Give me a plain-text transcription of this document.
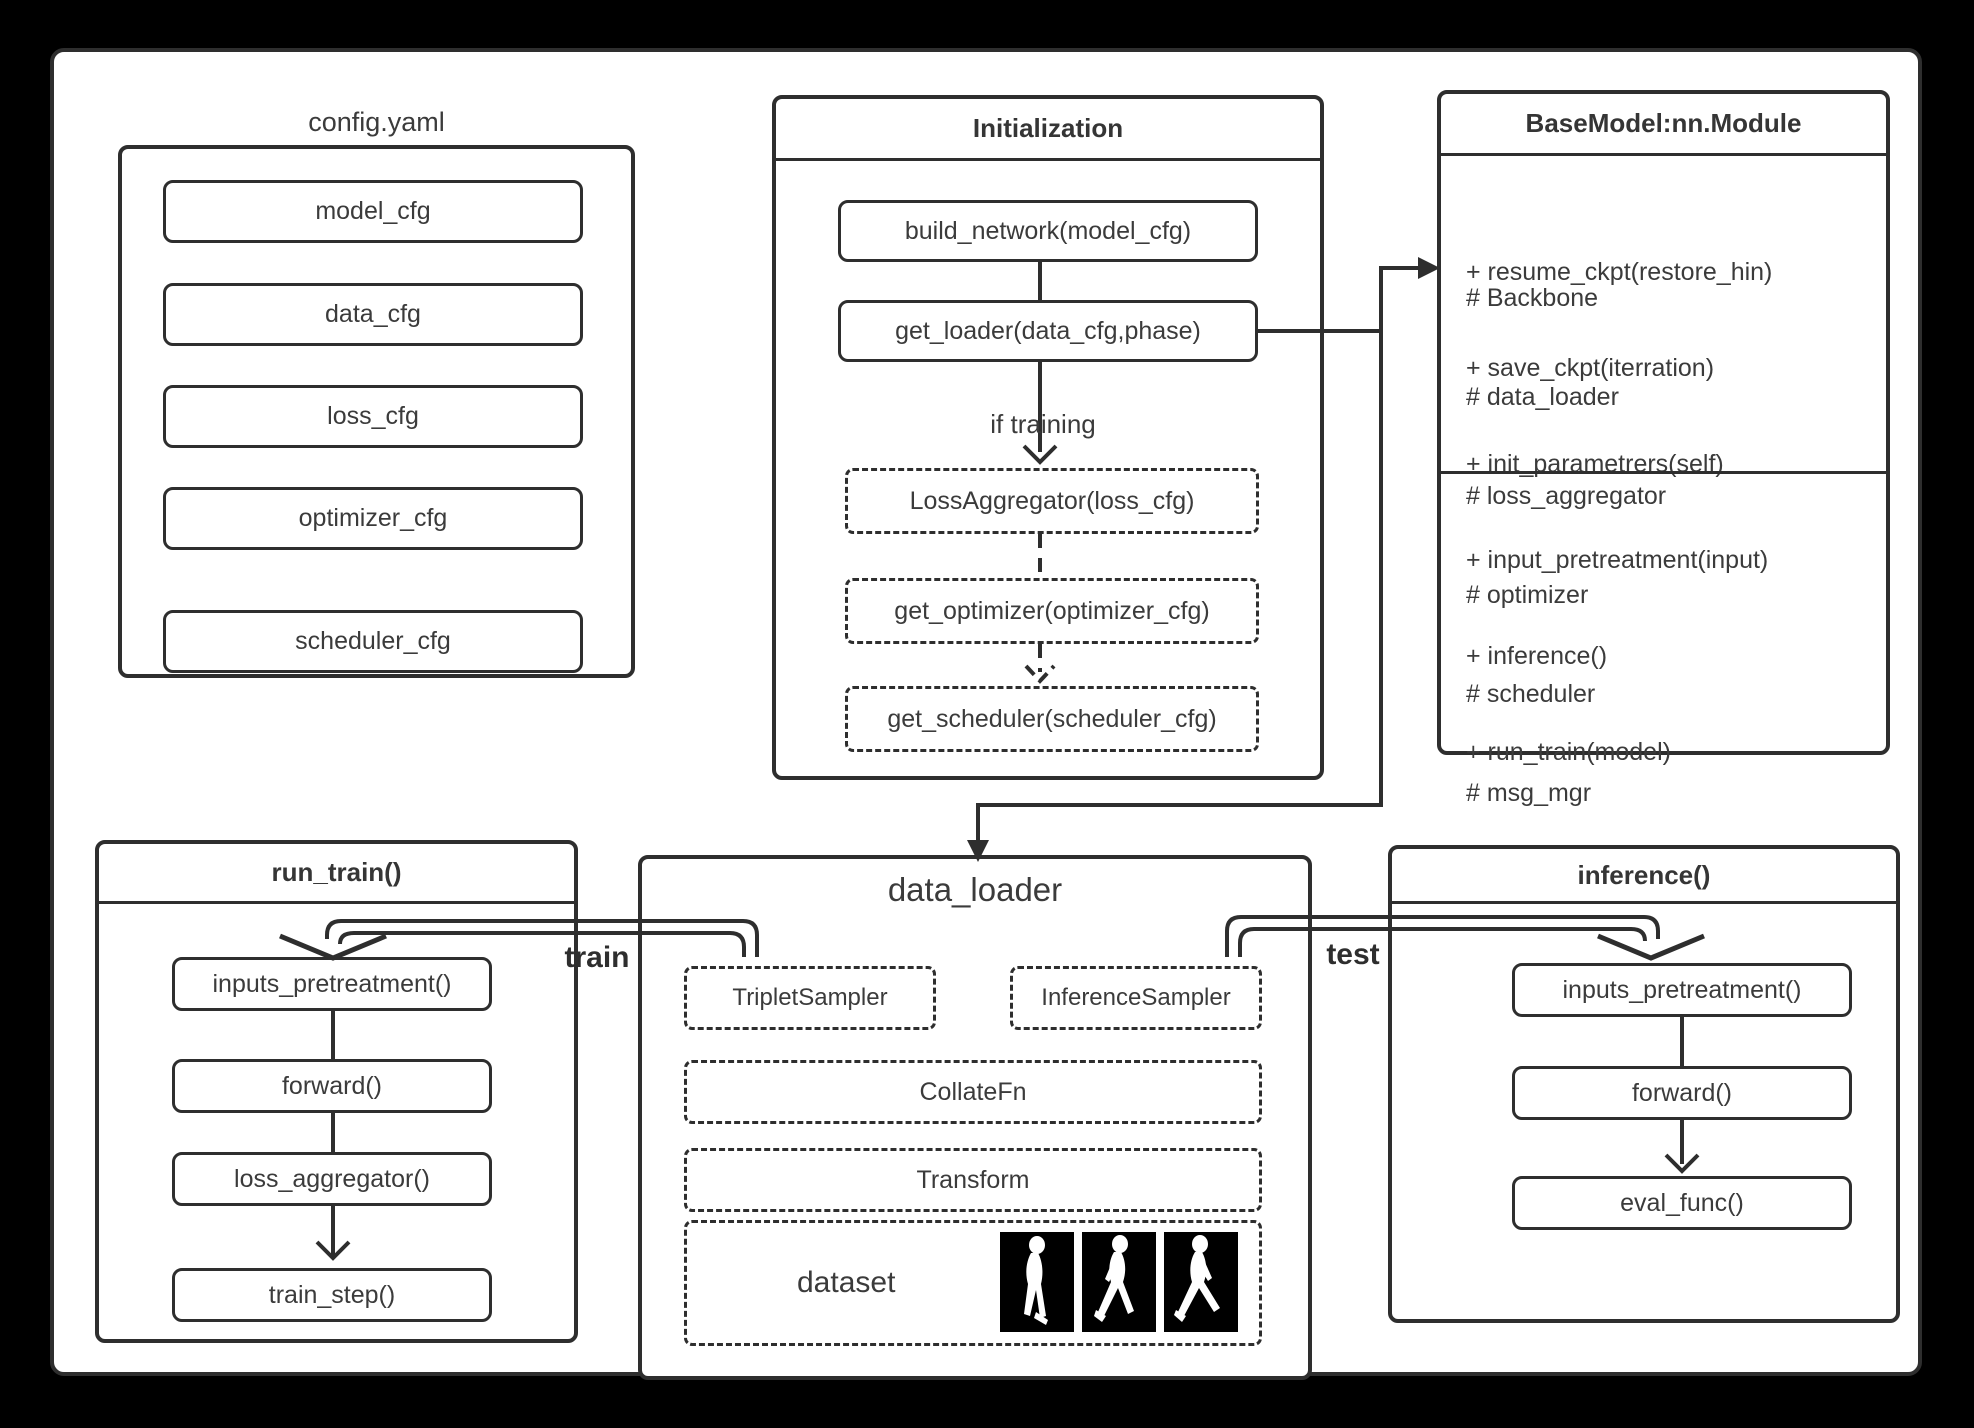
config.yaml
model_cfg
data_cfg
loss_cfg
optimizer_cfg
scheduler_cfg
Initialization
build_network(model_cfg)
get_loader(data_cfg,phase)
LossAggregator(loss_cfg)
get_optimizer(optimizer_cfg)
get_scheduler(scheduler_cfg)
if training
BaseModel:nn.Module

# Backbone

# data_loader

# loss_aggregator

# optimizer

# scheduler

# msg_mgr

+ resume_ckpt(restore_hin)

+ save_ckpt(iterration)

+ init_parametrers(self)

+ input_pretreatment(input)

+ inference()

+ run_train(model)

run_train()
inputs_pretreatment()
forward()
loss_aggregator()
train_step()
data_loader
TripletSampler	InferenceSampler
CollateFn
Transform
dataset
inference()
inputs_pretreatment()
forward()
eval_func()
train	test
